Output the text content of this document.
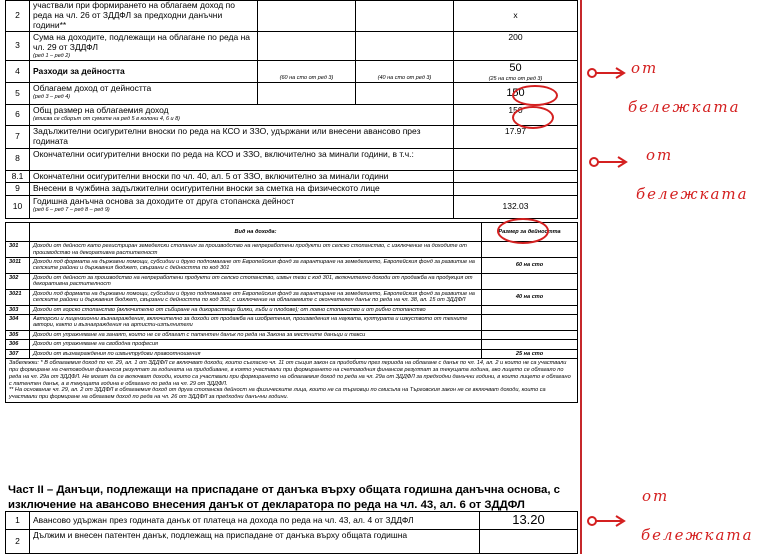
2	участвали при формирането на облагаем доход по реда на чл. 26 от ЗДДФЛ за предходни данъчни години**			x
3	Сума на доходите, подлежащи на облагане по реда на чл. 29 от ЗДДФЛ
(ред 1 – ред 2)			200
4	Разходи за дейността	(60 на сто от ред 3)	(40 на сто от ред 3)	50
(25 на сто от ред 3)
5	Облагаем доход от дейността
(ред 3 – ред 4)			150
6	Общ размер на облагаемия доход
(вписва се сборът от сумите на ред 5 в колони 4, 6 и 8)			150
7	Задължителни осигурителни вноски по реда на КСО и ЗЗО, удържани или внесени авансово през годината			17.97
8	Окончателни осигурителни вноски по реда на КСО и ЗЗО, включително за минали години, в т.ч.:			
8.1	Окончателни осигурителни вноски по чл. 40, ал. 5 от ЗЗО, включително за минали години			
9	Внесени в чужбина задължителни осигурителни вноски за сметка на физическото лице			
10	Годишна данъчна основа за доходите от друга стопанска дейност
(ред 6 – ред 7 – ред 8 – ред 9)			132.03
	Вид на дохода:	Размер за дейността
301	Доходи от дейност като регистриран земеделски стопанин за производство на непреработени продукти от селско стопанство, с изключение на доходите от производство на декоративна растителност	
3011	Доходи под формата на държавни помощи, субсидии и друго подпомагане от Европейския фонд за гарантиране на земеделието, Европейския фонд за развитие на селските райони и държавния бюджет, свързани с дейността по код 301	60 на сто
302	Доходи от дейност за производство на непреработени продукти от селско стопанство, извън тези с код 301, включително доходи от продажба на продукция от декоративна растителност	
3021	Доходи под формата на държавни помощи, субсидии и друго подпомагане от Европейския фонд за гарантиране на земеделието, Европейския фонд за развитие на селските райони и държавния бюджет, свързани с дейността по код 302, с изключение на облагаемите с окончателен данък по реда на чл. 38, ал. 15 от ЗДДФЛ	40 на сто
303	Доходи от горско стопанство (включително от събиране на дикорастящи билки, гъби и плодове); от ловно стопанство и от рибно стопанство	
304	Авторски и лицензионни възнаграждения, включително за доходи от продажба на изобретения, произведения на науката, културата и изкуството от техните автори, както и възнаграждения на артисти-изпълнители	
305	Доходи от упражняване на занаят, които не се облагат с патентен данък по реда на Закона за местните данъци и такси	
306	Доходи от упражняване на свободна професия	
307	Доходи от възнаграждения по извънтрудови правоотношения	25 на сто

Забележки: * В облагаемия доход по чл. 29, ал. 1 от ЗДДФЛ се включват доходи, които съгласно чл. 11 от същия закон са придобити през периода на облагане с данък по чл. 14, ал. 2 и които не са участвали при формиране на счетоводния финансов резултат за годината на придобиване, в която участвали при формирането на счетоводния финансов резултат за текущата година, ако лицето се облагало по реда на чл. 29а от ЗДДФЛ. Не могат да се включват доходи, които са участвали при формирането на облагаемия доход по реда на чл. 29а от ЗДДФЛ за предходни данъчни години, в които лицето е облагано с патентен данък, а в текущата година е облагано по реда на чл. 29 от ЗДДФЛ.
** На основание чл. 29, ал. 2 от ЗДДФЛ в облагаемия доход от друга стопанска дейност на физическите лица, които не са търговци по смисъла на Търговския закон не се включват доходи, които са участвали при формиране на облагаем доход по реда на чл. 26 от ЗДДФЛ за предходни данъчни години.		
Част II – Данъци, подлежащи на приспадане от данъка върху общата годишна данъчна основа, с изключение на авансово внесения данък от декларатора по реда на чл. 43, ал. 6 от ЗДДФЛ
1	Авансово удържан през годината данък от платеца на дохода по реда на чл. 43, ал. 4 от ЗДДФЛ	13.20
2	Дължим и внесен патентен данък, подлежащ на приспадане от данъка върху общата годишна	
от
бележката
от
бележката
от
бележката
